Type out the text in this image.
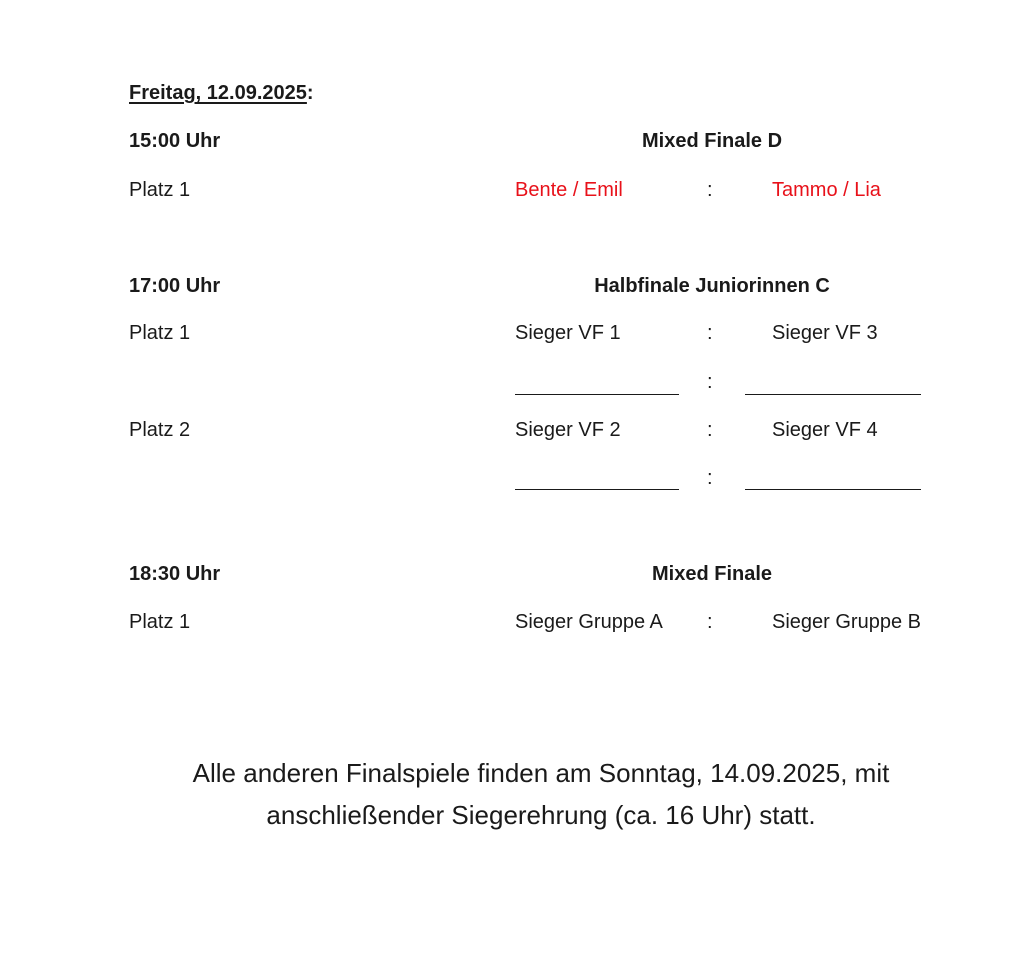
Freitag, 12.09.2025:
15:00 Uhr	Mixed Finale D
Platz 1	Bente / Emil	:	Tammo / Lia
17:00 Uhr	Halbfinale Juniorinnen C
Platz 1	Sieger VF 1	:	Sieger VF 3
:
Platz 2	Sieger VF 2	:	Sieger VF 4
:
18:30 Uhr	Mixed Finale
Platz 1	Sieger Gruppe A :	Sieger Gruppe B
Alle anderen Finalspiele finden am Sonntag, 14.09.2025, mit
anschließender Siegerehrung (ca. 16 Uhr) statt.
